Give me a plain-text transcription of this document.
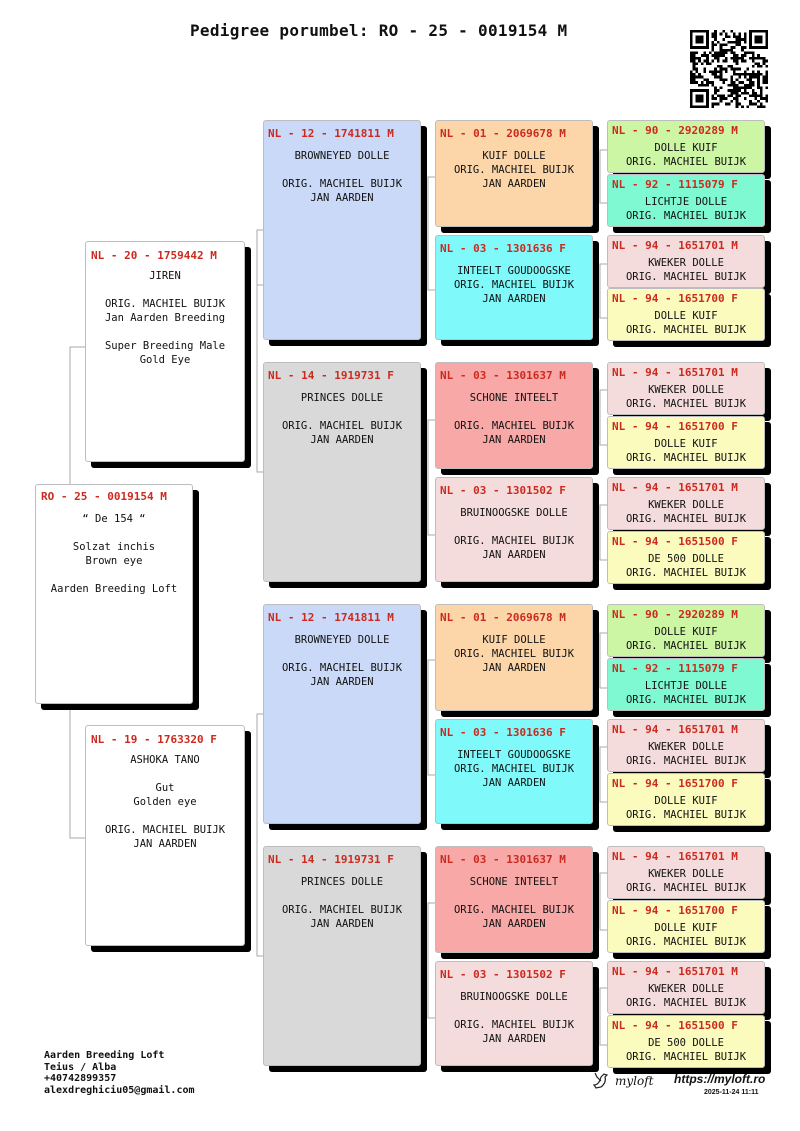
Pedigree porumbel: RO - 25 - 0019154 M
RO - 25 - 0019154 M
“ De 154 “

Solzat inchis
Brown eye

Aarden Breeding Loft
NL - 20 - 1759442 M
JIREN

ORIG. MACHIEL BUIJK
Jan Aarden Breeding

Super Breeding Male
Gold Eye
NL - 19 - 1763320 F
ASHOKA TANO

Gut
Golden eye

ORIG. MACHIEL BUIJK
JAN AARDEN
NL - 12 - 1741811 M
BROWNEYED DOLLE

ORIG. MACHIEL BUIJK
JAN AARDEN
NL - 14 - 1919731 F
PRINCES DOLLE

ORIG. MACHIEL BUIJK
JAN AARDEN
NL - 12 - 1741811 M
BROWNEYED DOLLE

ORIG. MACHIEL BUIJK
JAN AARDEN
NL - 14 - 1919731 F
PRINCES DOLLE

ORIG. MACHIEL BUIJK
JAN AARDEN
NL - 01 - 2069678 M
KUIF DOLLE
ORIG. MACHIEL BUIJK
JAN AARDEN
NL - 03 - 1301636 F
INTEELT GOUDOOGSKE
ORIG. MACHIEL BUIJK
JAN AARDEN
NL - 03 - 1301637 M
SCHONE INTEELT

ORIG. MACHIEL BUIJK
JAN AARDEN
NL - 03 - 1301502 F
BRUINOOGSKE DOLLE

ORIG. MACHIEL BUIJK
JAN AARDEN
NL - 01 - 2069678 M
KUIF DOLLE
ORIG. MACHIEL BUIJK
JAN AARDEN
NL - 03 - 1301636 F
INTEELT GOUDOOGSKE
ORIG. MACHIEL BUIJK
JAN AARDEN
NL - 03 - 1301637 M
SCHONE INTEELT

ORIG. MACHIEL BUIJK
JAN AARDEN
NL - 03 - 1301502 F
BRUINOOGSKE DOLLE

ORIG. MACHIEL BUIJK
JAN AARDEN
NL - 90 - 2920289 M
DOLLE KUIF
ORIG. MACHIEL BUIJK
NL - 92 - 1115079 F
LICHTJE DOLLE
ORIG. MACHIEL BUIJK
NL - 94 - 1651701 M
KWEKER DOLLE
ORIG. MACHIEL BUIJK
NL - 94 - 1651700 F
DOLLE KUIF
ORIG. MACHIEL BUIJK
NL - 94 - 1651701 M
KWEKER DOLLE
ORIG. MACHIEL BUIJK
NL - 94 - 1651700 F
DOLLE KUIF
ORIG. MACHIEL BUIJK
NL - 94 - 1651701 M
KWEKER DOLLE
ORIG. MACHIEL BUIJK
NL - 94 - 1651500 F
DE 500 DOLLE
ORIG. MACHIEL BUIJK
NL - 90 - 2920289 M
DOLLE KUIF
ORIG. MACHIEL BUIJK
NL - 92 - 1115079 F
LICHTJE DOLLE
ORIG. MACHIEL BUIJK
NL - 94 - 1651701 M
KWEKER DOLLE
ORIG. MACHIEL BUIJK
NL - 94 - 1651700 F
DOLLE KUIF
ORIG. MACHIEL BUIJK
NL - 94 - 1651701 M
KWEKER DOLLE
ORIG. MACHIEL BUIJK
NL - 94 - 1651700 F
DOLLE KUIF
ORIG. MACHIEL BUIJK
NL - 94 - 1651701 M
KWEKER DOLLE
ORIG. MACHIEL BUIJK
NL - 94 - 1651500 F
DE 500 DOLLE
ORIG. MACHIEL BUIJK
Aarden Breeding Loft
Teius / Alba
+40742899357
alexdreghiciu05@gmail.com
myloft https://myloft.ro
2025-11-24 11:11
